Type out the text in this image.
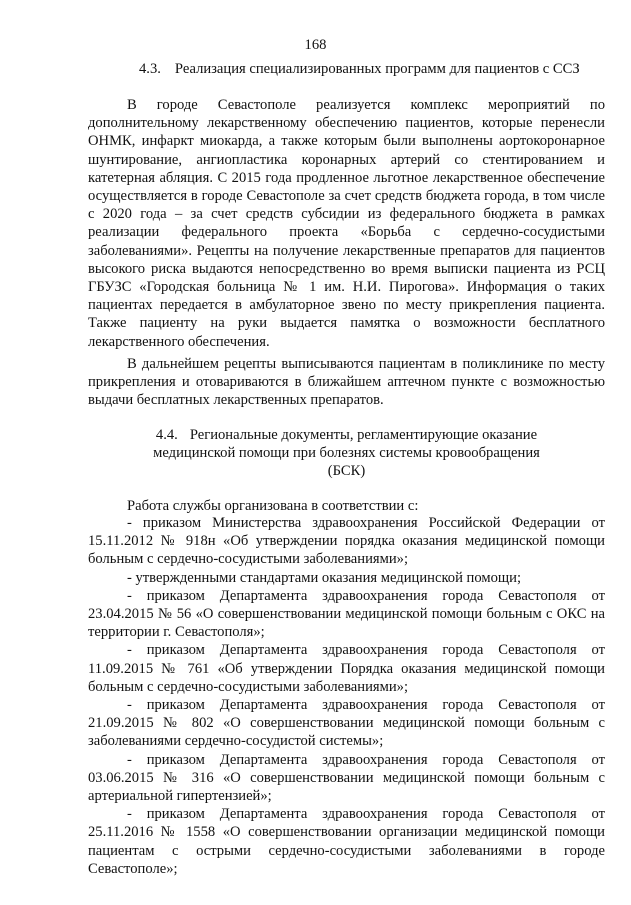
168
4.3. Реализация специализированных программ для пациентов с ССЗ

В городе Севастополе реализуется комплекс мероприятий по дополнительному лекарственному обеспечению пациентов, которые перенесли ОНМК, инфаркт миокарда, а также которым были выполнены аортокоронарное шунтирование, ангиопластика коронарных артерий со стентированием и катетерная абляция. С 2015 года продленное льготное лекарственное обеспечение осуществляется в городе Севастополе за счет средств бюджета города, в том числе с 2020 года – за счет средств субсидии из федерального бюджета в рамках реализации федерального проекта «Борьба с сердечно-сосудистыми заболеваниями». Рецепты на получение лекарственные препаратов для пациентов высокого риска выдаются непосредственно во время выписки пациента из РСЦ ГБУЗС «Городская больница № 1 им. Н.И. Пирогова». Информация о таких пациентах передается в амбулаторное звено по месту прикрепления пациента. Также пациенту на руки выдается памятка о возможности бесплатного лекарственного обеспечения.

В дальнейшем рецепты выписываются пациентам в поликлинике по месту прикрепления и отовариваются в ближайшем аптечном пункте с возможностью выдачи бесплатных лекарственных препаратов.

4.4. Региональные документы, регламентирующие оказание
медицинской помощи при болезнях системы кровообращения
(БСК)

Работа службы организована в соответствии с:

- приказом Министерства здравоохранения Российской Федерации от 15.11.2012 № 918н «Об утверждении порядка оказания медицинской помощи больным с сердечно-сосудистыми заболеваниями»;

- утвержденными стандартами оказания медицинской помощи;

- приказом Департамента здравоохранения города Севастополя от 23.04.2015 № 56 «О совершенствовании медицинской помощи больным с ОКС на территории г. Севастополя»;

- приказом Департамента здравоохранения города Севастополя от 11.09.2015 № 761 «Об утверждении Порядка оказания медицинской помощи больным с сердечно-сосудистыми заболеваниями»;

- приказом Департамента здравоохранения города Севастополя от 21.09.2015 № 802 «О совершенствовании медицинской помощи больным с заболеваниями сердечно-сосудистой системы»;

- приказом Департамента здравоохранения города Севастополя от 03.06.2015 № 316 «О совершенствовании медицинской помощи больным с артериальной гипертензией»;

- приказом Департамента здравоохранения города Севастополя от 25.11.2016 № 1558 «О совершенствовании организации медицинской помощи пациентам с острыми сердечно-сосудистыми заболеваниями в городе Севастополе»;
